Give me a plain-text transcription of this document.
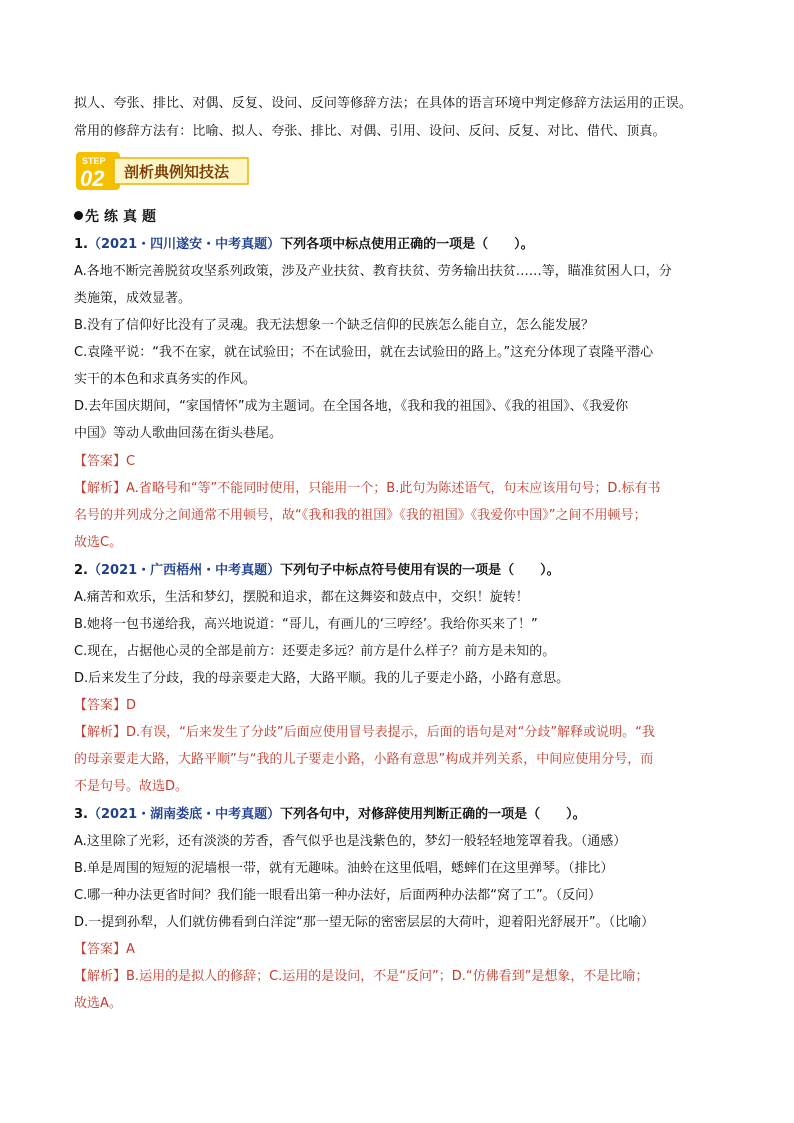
拟人、夸张、排比、对偶、反复、设问、反问等修辞方法；在具体的语言环境中判定修辞方法运用的正误。
常用的修辞方法有：比喻、拟人、夸张、排比、对偶、引用、设问、反问、反复、对比、借代、顶真。
STEP
02 剖析典例知技法
先练真题
1.（2021・四川遂安・中考真题）下列各项中标点使用正确的一项是（　　）。
A.各地不断完善脱贫攻坚系列政策，涉及产业扶贫、教育扶贫、劳务输出扶贫……等，瞄准贫困人口，分
类施策，成效显著。
B.没有了信仰好比没有了灵魂。我无法想象一个缺乏信仰的民族怎么能自立，怎么能发展？
C.袁隆平说：“我不在家，就在试验田；不在试验田，就在去试验田的路上。”这充分体现了袁隆平潜心
实干的本色和求真务实的作风。
D.去年国庆期间，“家国情怀”成为主题词。在全国各地，《我和我的祖国》、《我的祖国》、《我爱你
中国》等动人歌曲回荡在街头巷尾。
【答案】C
【解析】A.省略号和“等”不能同时使用，只能用一个；B.此句为陈述语气，句末应该用句号；D.标有书
名号的并列成分之间通常不用顿号，故“《我和我的祖国》《我的祖国》《我爱你中国》”之间不用顿号；
故选C。
2.（2021・广西梧州・中考真题）下列句子中标点符号使用有误的一项是（　　）。
A.痛苦和欢乐，生活和梦幻，摆脱和追求，都在这舞姿和鼓点中，交织！旋转！
B.她将一包书递给我，高兴地说道：“哥儿，有画儿的‘三哼经’。我给你买来了！”
C.现在，占据他心灵的全部是前方：还要走多远？前方是什么样子？前方是未知的。
D.后来发生了分歧，我的母亲要走大路，大路平顺。我的儿子要走小路，小路有意思。
【答案】D
【解析】D.有误，“后来发生了分歧”后面应使用冒号表提示，后面的语句是对“分歧”解释或说明。“我
的母亲要走大路，大路平顺”与“我的儿子要走小路，小路有意思”构成并列关系，中间应使用分号，而
不是句号。故选D。
3.（2021・湖南娄底・中考真题）下列各句中，对修辞使用判断正确的一项是（　　）。
A.这里除了光彩，还有淡淡的芳香，香气似乎也是浅紫色的，梦幻一般轻轻地笼罩着我。（通感）
B.单是周围的短短的泥墙根一带，就有无趣味。油蛉在这里低唱，蟋蟀们在这里弹琴。（排比）
C.哪一种办法更省时间？我们能一眼看出第一种办法好，后面两种办法都“窝了工”。（反问）
D.一提到孙犁，人们就仿佛看到白洋淀“那一望无际的密密层层的大荷叶，迎着阳光舒展开”。（比喻）
【答案】A
【解析】B.运用的是拟人的修辞；C.运用的是设问，不是“反问”；D.“仿佛看到”是想象，不是比喻；
故选A。
